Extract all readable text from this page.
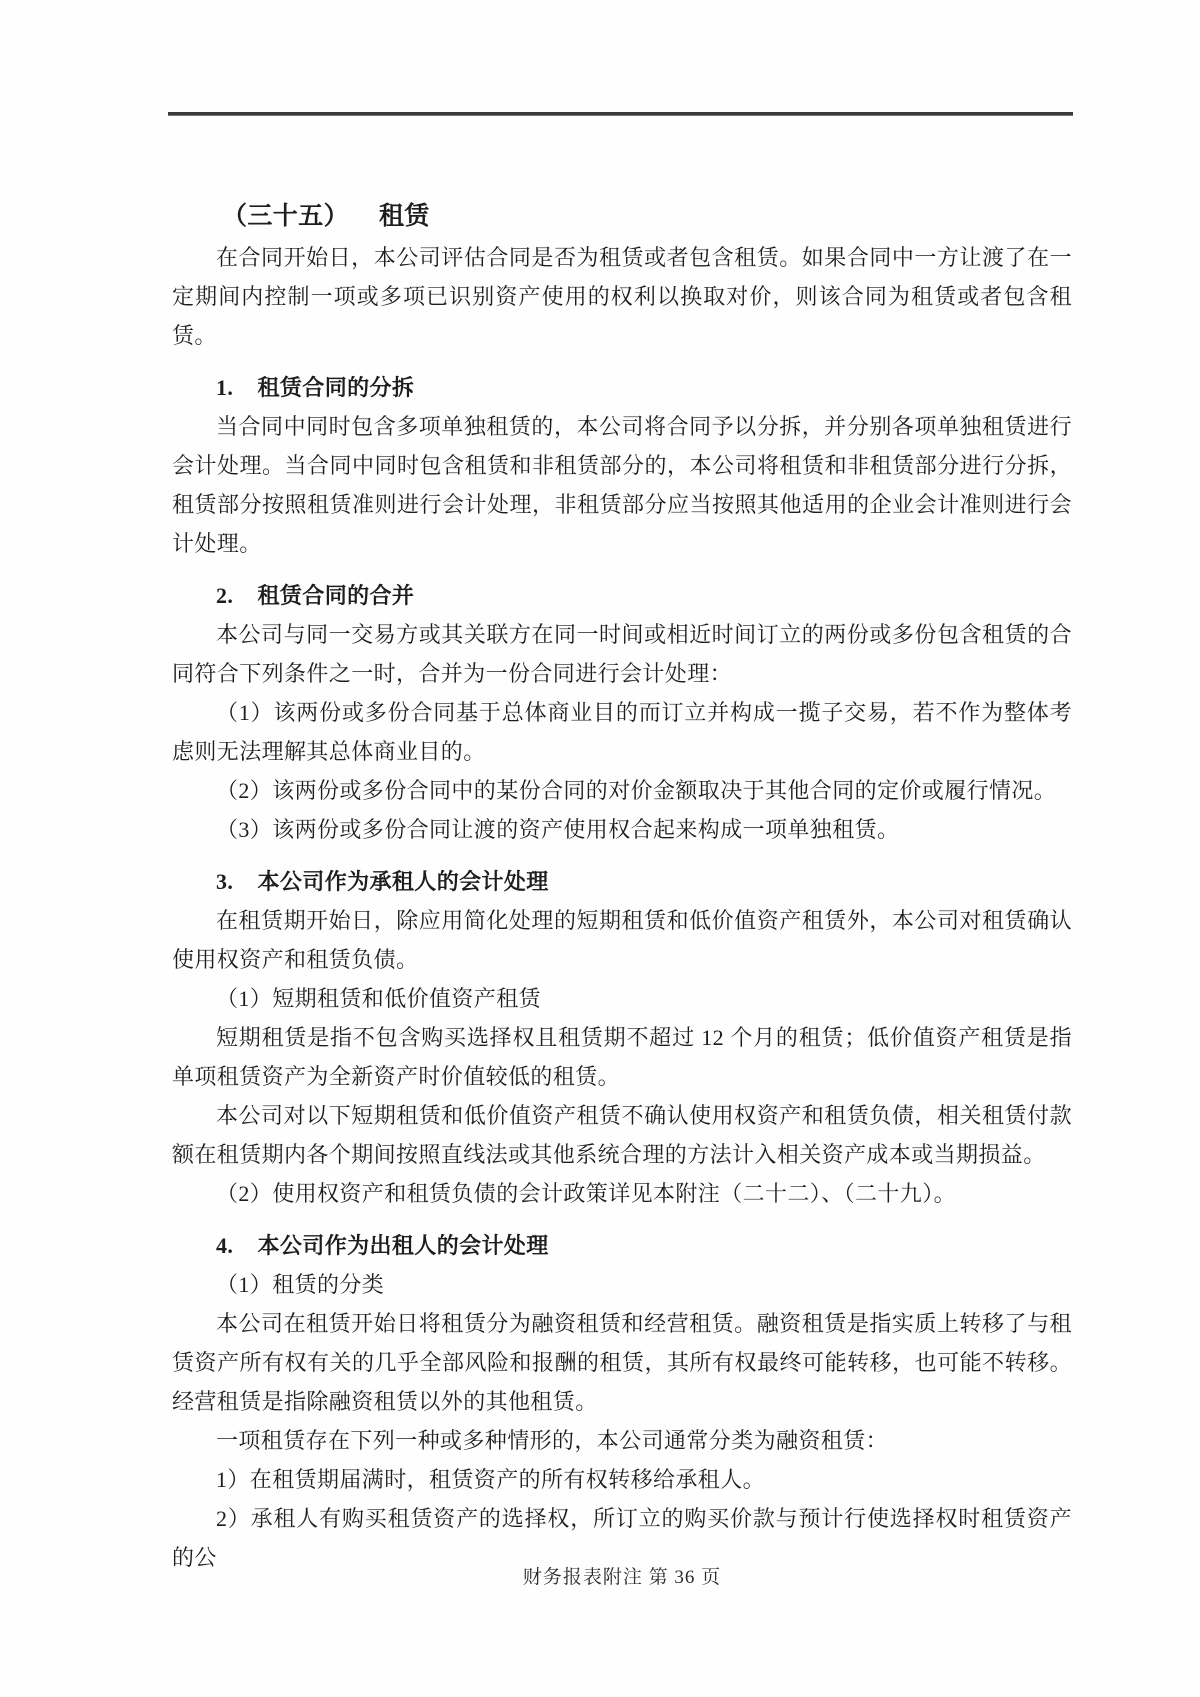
（三十五） 租赁

在合同开始日，本公司评估合同是否为租赁或者包含租赁。如果合同中一方让渡了在一定期间内控制一项或多项已识别资产使用的权利以换取对价，则该合同为租赁或者包含租赁。

1. 租赁合同的分拆

当合同中同时包含多项单独租赁的，本公司将合同予以分拆，并分别各项单独租赁进行会计处理。当合同中同时包含租赁和非租赁部分的，本公司将租赁和非租赁部分进行分拆，租赁部分按照租赁准则进行会计处理，非租赁部分应当按照其他适用的企业会计准则进行会计处理。

2. 租赁合同的合并

本公司与同一交易方或其关联方在同一时间或相近时间订立的两份或多份包含租赁的合同符合下列条件之一时，合并为一份合同进行会计处理：

（1）该两份或多份合同基于总体商业目的而订立并构成一揽子交易，若不作为整体考虑则无法理解其总体商业目的。

（2）该两份或多份合同中的某份合同的对价金额取决于其他合同的定价或履行情况。

（3）该两份或多份合同让渡的资产使用权合起来构成一项单独租赁。

3. 本公司作为承租人的会计处理

在租赁期开始日，除应用简化处理的短期租赁和低价值资产租赁外，本公司对租赁确认使用权资产和租赁负债。

（1）短期租赁和低价值资产租赁

短期租赁是指不包含购买选择权且租赁期不超过 12 个月的租赁；低价值资产租赁是指单项租赁资产为全新资产时价值较低的租赁。

本公司对以下短期租赁和低价值资产租赁不确认使用权资产和租赁负债，相关租赁付款额在租赁期内各个期间按照直线法或其他系统合理的方法计入相关资产成本或当期损益。

（2）使用权资产和租赁负债的会计政策详见本附注（二十二）、（二十九）。

4. 本公司作为出租人的会计处理

（1）租赁的分类

本公司在租赁开始日将租赁分为融资租赁和经营租赁。融资租赁是指实质上转移了与租赁资产所有权有关的几乎全部风险和报酬的租赁，其所有权最终可能转移，也可能不转移。经营租赁是指除融资租赁以外的其他租赁。

一项租赁存在下列一种或多种情形的，本公司通常分类为融资租赁：

1）在租赁期届满时，租赁资产的所有权转移给承租人。

2）承租人有购买租赁资产的选择权，所订立的购买价款与预计行使选择权时租赁资产的公

财务报表附注 第 36 页
